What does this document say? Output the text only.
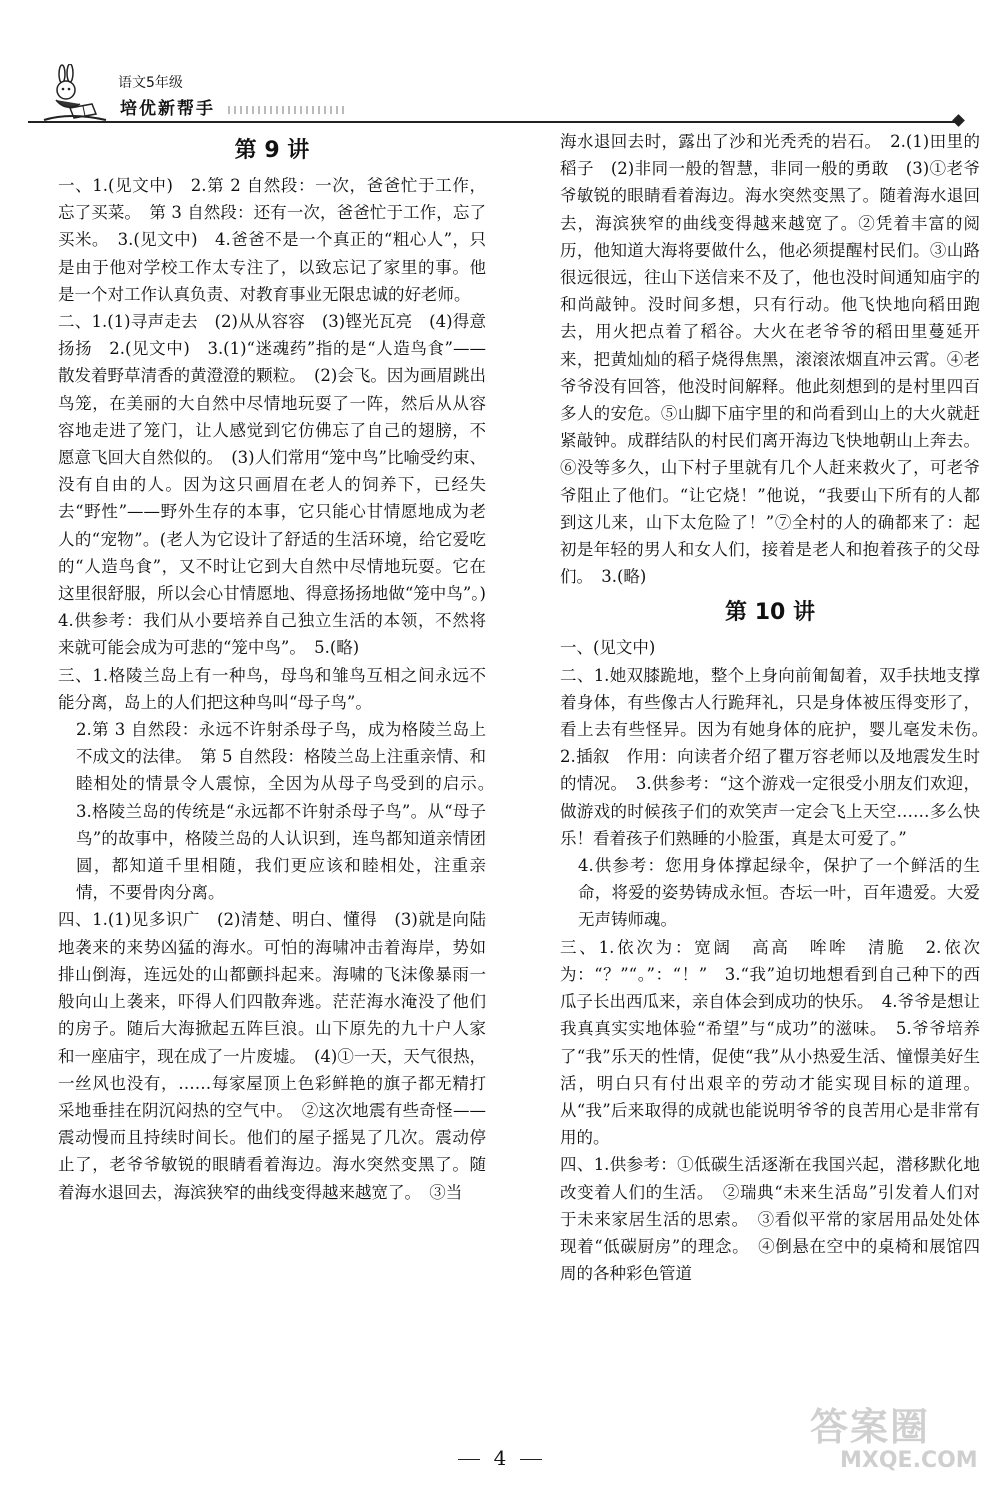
语文5年级
培优新帮手
第 9 讲

一、1.(见文中)　2.第 2 自然段：一次，爸爸忙于工作，忘了买菜。　第 3 自然段：还有一次，爸爸忙于工作，忘了买米。　3.(见文中)　4.爸爸不是一个真正的“粗心人”，只是由于他对学校工作太专注了，以致忘记了家里的事。他是一个对工作认真负责、对教育事业无限忠诚的好老师。

二、1.(1)寻声走去　(2)从从容容　(3)铿光瓦亮　(4)得意扬扬　2.(见文中)　3.(1)“迷魂药”指的是“人造鸟食”——散发着野草清香的黄澄澄的颗粒。　(2)会飞。因为画眉跳出鸟笼，在美丽的大自然中尽情地玩耍了一阵，然后从从容容地走进了笼门，让人感觉到它仿佛忘了自己的翅膀，不愿意飞回大自然似的。　(3)人们常用“笼中鸟”比喻受约束、没有自由的人。因为这只画眉在老人的饲养下，已经失去“野性”——野外生存的本事，它只能心甘情愿地成为老人的“宠物”。(老人为它设计了舒适的生活环境，给它爱吃的“人造鸟食”，又不时让它到大自然中尽情地玩耍。它在这里很舒服，所以会心甘情愿地、得意扬扬地做“笼中鸟”。)　4.供参考：我们从小要培养自己独立生活的本领，不然将来就可能会成为可悲的“笼中鸟”。　5.(略)

三、1.格陵兰岛上有一种鸟，母鸟和雏鸟互相之间永远不能分离，岛上的人们把这种鸟叫“母子鸟”。

2.第 3 自然段：永远不许射杀母子鸟，成为格陵兰岛上不成文的法律。　第 5 自然段：格陵兰岛上注重亲情、和睦相处的情景令人震惊，全因为从母子鸟受到的启示。　3.格陵兰岛的传统是“永远都不许射杀母子鸟”。从“母子鸟”的故事中，格陵兰岛的人认识到，连鸟都知道亲情团圆，都知道千里相随，我们更应该和睦相处，注重亲情，不要骨肉分离。

四、1.(1)见多识广　(2)清楚、明白、懂得　(3)就是向陆地袭来的来势凶猛的海水。可怕的海啸冲击着海岸，势如排山倒海，连远处的山都颤抖起来。海啸的飞沫像暴雨一般向山上袭来，吓得人们四散奔逃。茫茫海水淹没了他们的房子。随后大海掀起五阵巨浪。山下原先的九十户人家和一座庙宇，现在成了一片废墟。　(4)①一天，天气很热，一丝风也没有，……每家屋顶上色彩鲜艳的旗子都无精打采地垂挂在阴沉闷热的空气中。　②这次地震有些奇怪——震动慢而且持续时间长。他们的屋子摇晃了几次。震动停止了，老爷爷敏锐的眼睛看着海边。海水突然变黑了。随着海水退回去，海滨狭窄的曲线变得越来越宽了。　③当

海水退回去时，露出了沙和光秃秃的岩石。　2.(1)田里的稻子　(2)非同一般的智慧，非同一般的勇敢　(3)①老爷爷敏锐的眼睛看着海边。海水突然变黑了。随着海水退回去，海滨狭窄的曲线变得越来越宽了。②凭着丰富的阅历，他知道大海将要做什么，他必须提醒村民们。③山路很远很远，往山下送信来不及了，他也没时间通知庙宇的和尚敲钟。没时间多想，只有行动。他飞快地向稻田跑去，用火把点着了稻谷。大火在老爷爷的稻田里蔓延开来，把黄灿灿的稻子烧得焦黑，滚滚浓烟直冲云霄。④老爷爷没有回答，他没时间解释。他此刻想到的是村里四百多人的安危。⑤山脚下庙宇里的和尚看到山上的大火就赶紧敲钟。成群结队的村民们离开海边飞快地朝山上奔去。⑥没等多久，山下村子里就有几个人赶来救火了，可老爷爷阻止了他们。“让它烧！”他说，“我要山下所有的人都到这儿来，山下太危险了！”⑦全村的人的确都来了：起初是年轻的男人和女人们，接着是老人和抱着孩子的父母们。　3.(略)

第 10 讲

一、(见文中)

二、1.她双膝跪地，整个上身向前匍匐着，双手扶地支撑着身体，有些像古人行跪拜礼，只是身体被压得变形了，看上去有些怪异。因为有她身体的庇护，婴儿毫发未伤。　2.插叙　作用：向读者介绍了瞿万容老师以及地震发生时的情况。　3.供参考：“这个游戏一定很受小朋友们欢迎，做游戏的时候孩子们的欢笑声一定会飞上天空……多么快乐！看着孩子们熟睡的小脸蛋，真是太可爱了。”

4.供参考：您用身体撑起绿伞，保护了一个鲜活的生命，将爱的姿势铸成永恒。杏坛一叶，百年遗爱。大爱无声铸师魂。

三、1.依次为：宽阔　高高　哞哞　清脆　2.依次为：“？”“。”：“！”　3.“我”迫切地想看到自己种下的西瓜子长出西瓜来，亲自体会到成功的快乐。　4.爷爷是想让我真真实实地体验“希望”与“成功”的滋味。　5.爷爷培养了“我”乐天的性情，促使“我”从小热爱生活、憧憬美好生活，明白只有付出艰辛的劳动才能实现目标的道理。从“我”后来取得的成就也能说明爷爷的良苦用心是非常有用的。

四、1.供参考：①低碳生活逐渐在我国兴起，潜移默化地改变着人们的生活。　②瑞典“未来生活岛”引发着人们对于未来家居生活的思索。　③看似平常的家居用品处处体现着“低碳厨房”的理念。　④倒悬在空中的桌椅和展馆四周的各种彩色管道

4
答案圈
MXQE.COM
